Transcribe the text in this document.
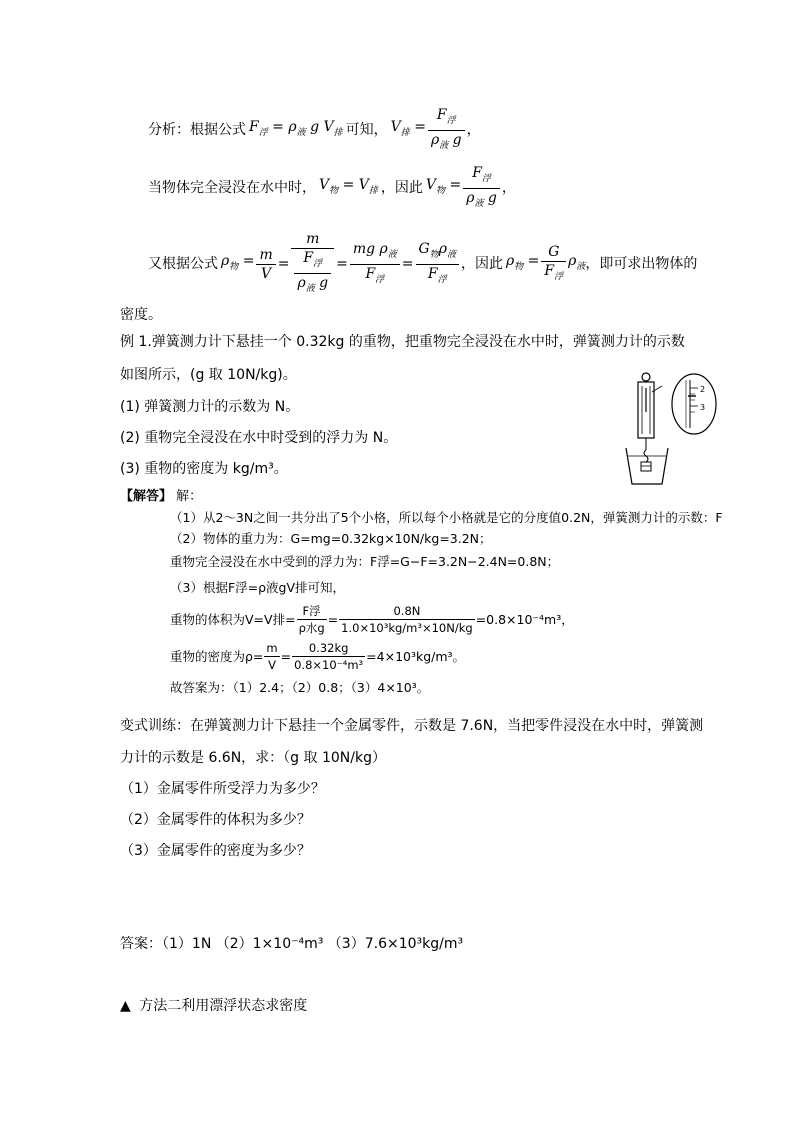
分析：根据公式 $F_浮 = \rho_液$ g $V_排$ 可知， $V_排 = \frac{F_浮}{\rho_液 g}$ ，
当物体完全浸没在水中时， $V_物 = V_排$ ，因此 $V_物 = \frac{F_浮}{\rho_液 g}$ ，
又根据公式 $\rho_物 = \frac{m}{V} = \frac{m}{\frac{F_浮}{\rho_液 g}} = \frac{mg \rho_液}{F_浮} = \frac{G_物\rho_液}{F_浮}$ ，因此 $\rho_物 = \frac{G}{F_浮} \rho_液$ ，即可求出物体的
密度。
例 1.弹簧测力计下悬挂一个 0.32kg 的重物，把重物完全浸没在水中时，弹簧测力计的示数
如图所示，(g 取 10N/kg)。
(1) 弹簧测力计的示数为 N。
(2) 重物完全浸没在水中时受到的浮力为 N。
(3) 重物的密度为 kg/m³。
2
3
【解答】 解：
（1）从2～3N之间一共分出了5个小格，所以每个小格就是它的分度值0.2N，弹簧测力计的示数：F
（2）物体的重力为：G=mg=0.32kg×10N/kg=3.2N；
重物完全浸没在水中受到的浮力为：F浮=G−F=3.2N−2.4N=0.8N；
（3）根据F浮=ρ液gV排可知，
重物的体积为V=V排=
F浮
ρ水g
= $\frac{0.8N}{\text{1.0×10³kg/m³×10N/kg}} =0.8\times 10^{-4}m^3$，
重物的密度为$\rho= \frac{m}{V} = \frac{0.32kg}{\text{0.8×10⁻⁴m³}} =4\times 10^3kg/m^3$。
故答案为：（1）2.4；（2）0.8；（3）4×10³。
变式训练：在弹簧测力计下悬挂一个金属零件，示数是 7.6N，当把零件浸没在水中时，弹簧测
力计的示数是 6.6N，求：（g 取 10N/kg）
（1）金属零件所受浮力为多少？
（2）金属零件的体积为多少？
（3）金属零件的密度为多少？
答案：（1）1N （2）1×10⁻⁴m³ （3）7.6×10³kg/m³
▲ 方法二利用漂浮状态求密度
